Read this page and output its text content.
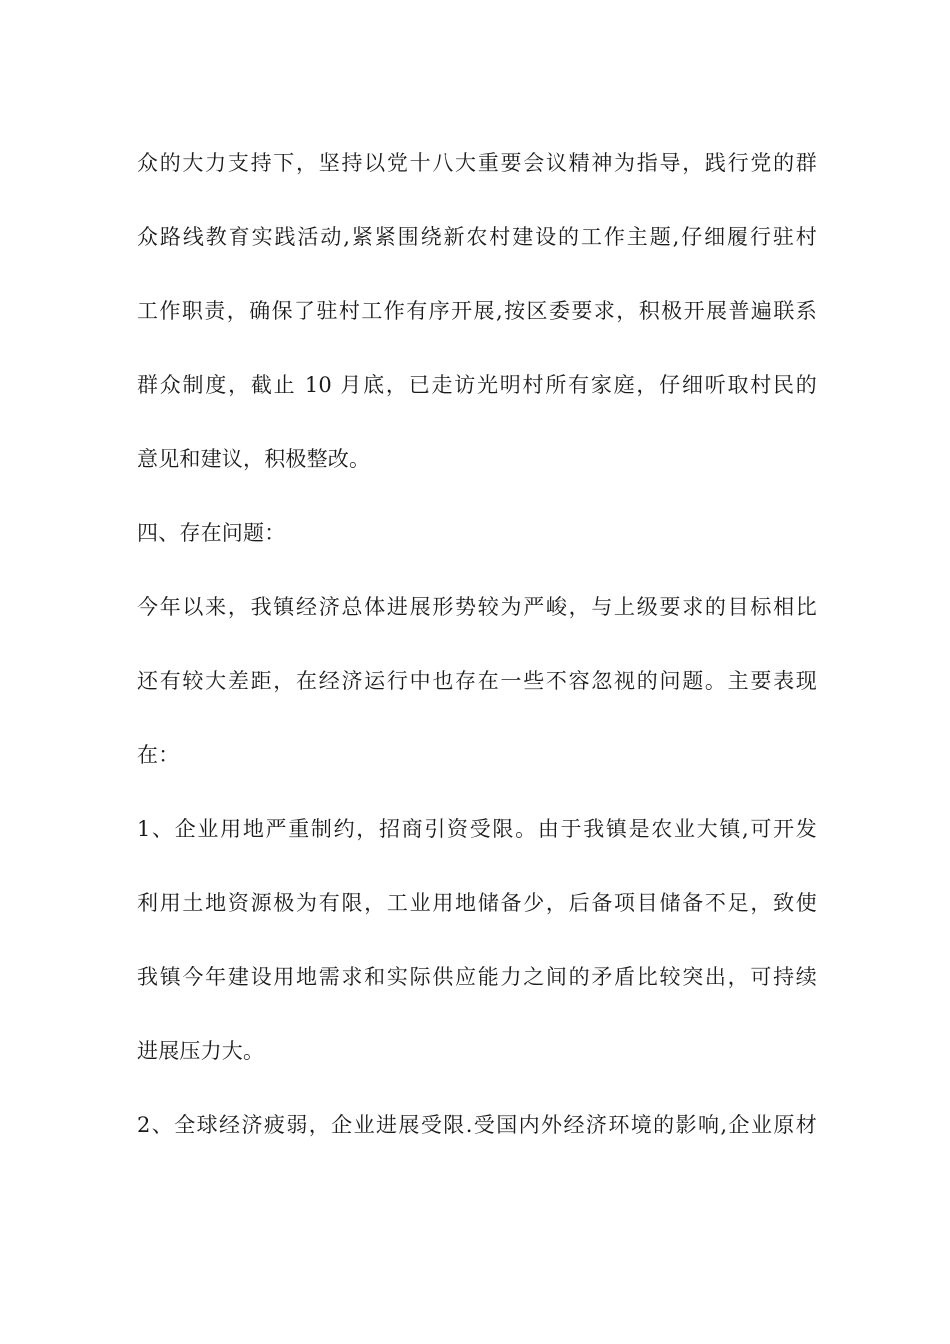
众的大力支持下，坚持以党十八大重要会议精神为指导，践行党的群
众路线教育实践活动,紧紧围绕新农村建设的工作主题,仔细履行驻村
工作职责，确保了驻村工作有序开展,按区委要求，积极开展普遍联系
群众制度，截止 10 月底，已走访光明村所有家庭，仔细听取村民的
意见和建议，积极整改。
四、存在问题：
今年以来，我镇经济总体进展形势较为严峻，与上级要求的目标相比
还有较大差距，在经济运行中也存在一些不容忽视的问题。主要表现
在：
1、企业用地严重制约，招商引资受限。由于我镇是农业大镇,可开发
利用土地资源极为有限，工业用地储备少，后备项目储备不足，致使
我镇今年建设用地需求和实际供应能力之间的矛盾比较突出，可持续
进展压力大。
2、全球经济疲弱，企业进展受限.受国内外经济环境的影响,企业原材
